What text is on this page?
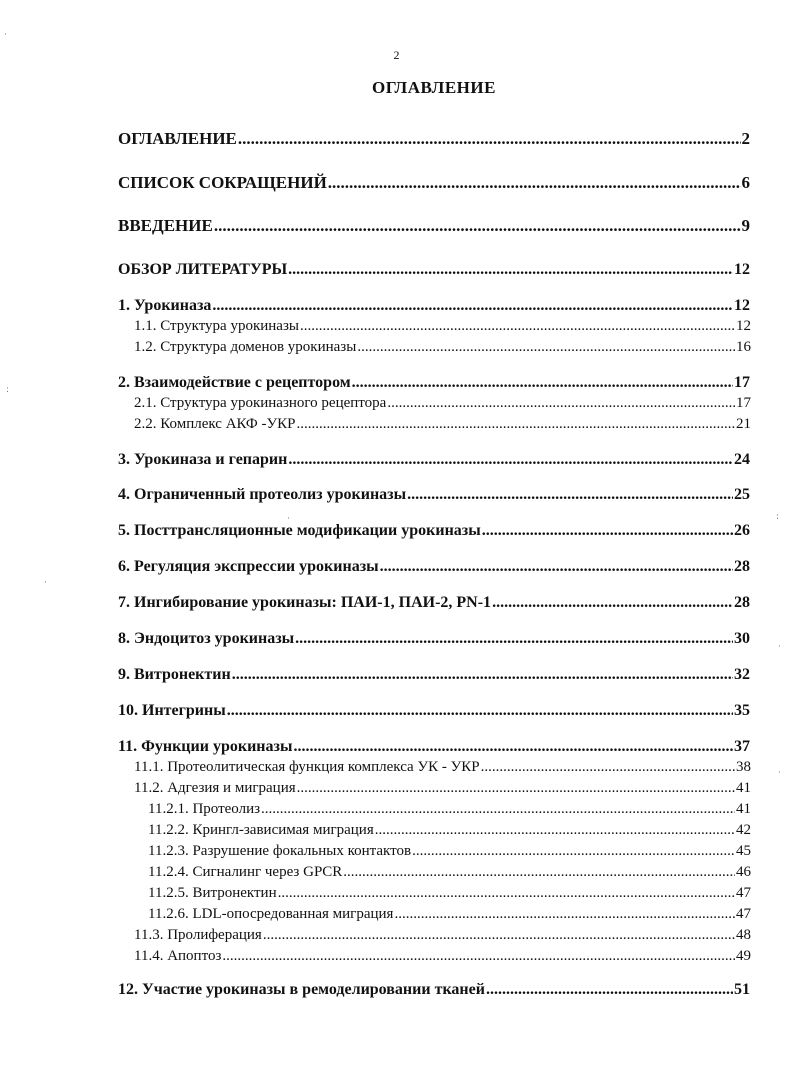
2
ОГЛАВЛЕНИЕ
ОГЛАВЛЕНИЕ .....	2
СПИСОК СОКРАЩЕНИЙ .....	6
ВВЕДЕНИЕ .....	9
ОБЗОР ЛИТЕРАТУРЫ .....	12
1. Урокиназа .....	12
1.1. Структура урокиназы .....	12
1.2. Структура доменов урокиназы .....	16
2. Взаимодействие с рецептором .....	17
2.1. Структура урокиназного рецептора .....	17
2.2. Комплекс АКФ -УКР .....	21
3. Урокиназа и гепарин .....	24
4. Ограниченный протеолиз урокиназы .....	25
5. Посттрансляционные модификации урокиназы .....	26
6. Регуляция экспрессии урокиназы .....	28
7. Ингибирование урокиназы: ПАИ-1, ПАИ-2, PN-1 .....	28
8. Эндоцитоз урокиназы .....	30
9. Витронектин .....	32
10. Интегрины .....	35
11. Функции урокиназы .....	37
11.1. Протеолитическая функция комплекса УК - УКР .....	38
11.2. Адгезия и миграция .....	41
11.2.1. Протеолиз .....	41
11.2.2. Крингл-зависимая миграция .....	42
11.2.3. Разрушение фокальных контактов .....	45
11.2.4. Сигналинг через GPCR .....	46
11.2.5. Витронектин .....	47
11.2.6. LDL-опосредованная миграция .....	47
11.3. Пролиферация .....	48
11.4. Апоптоз .....	49
12. Участие урокиназы в ремоделировании тканей .....	51
·
:
·
:
·
·
·
